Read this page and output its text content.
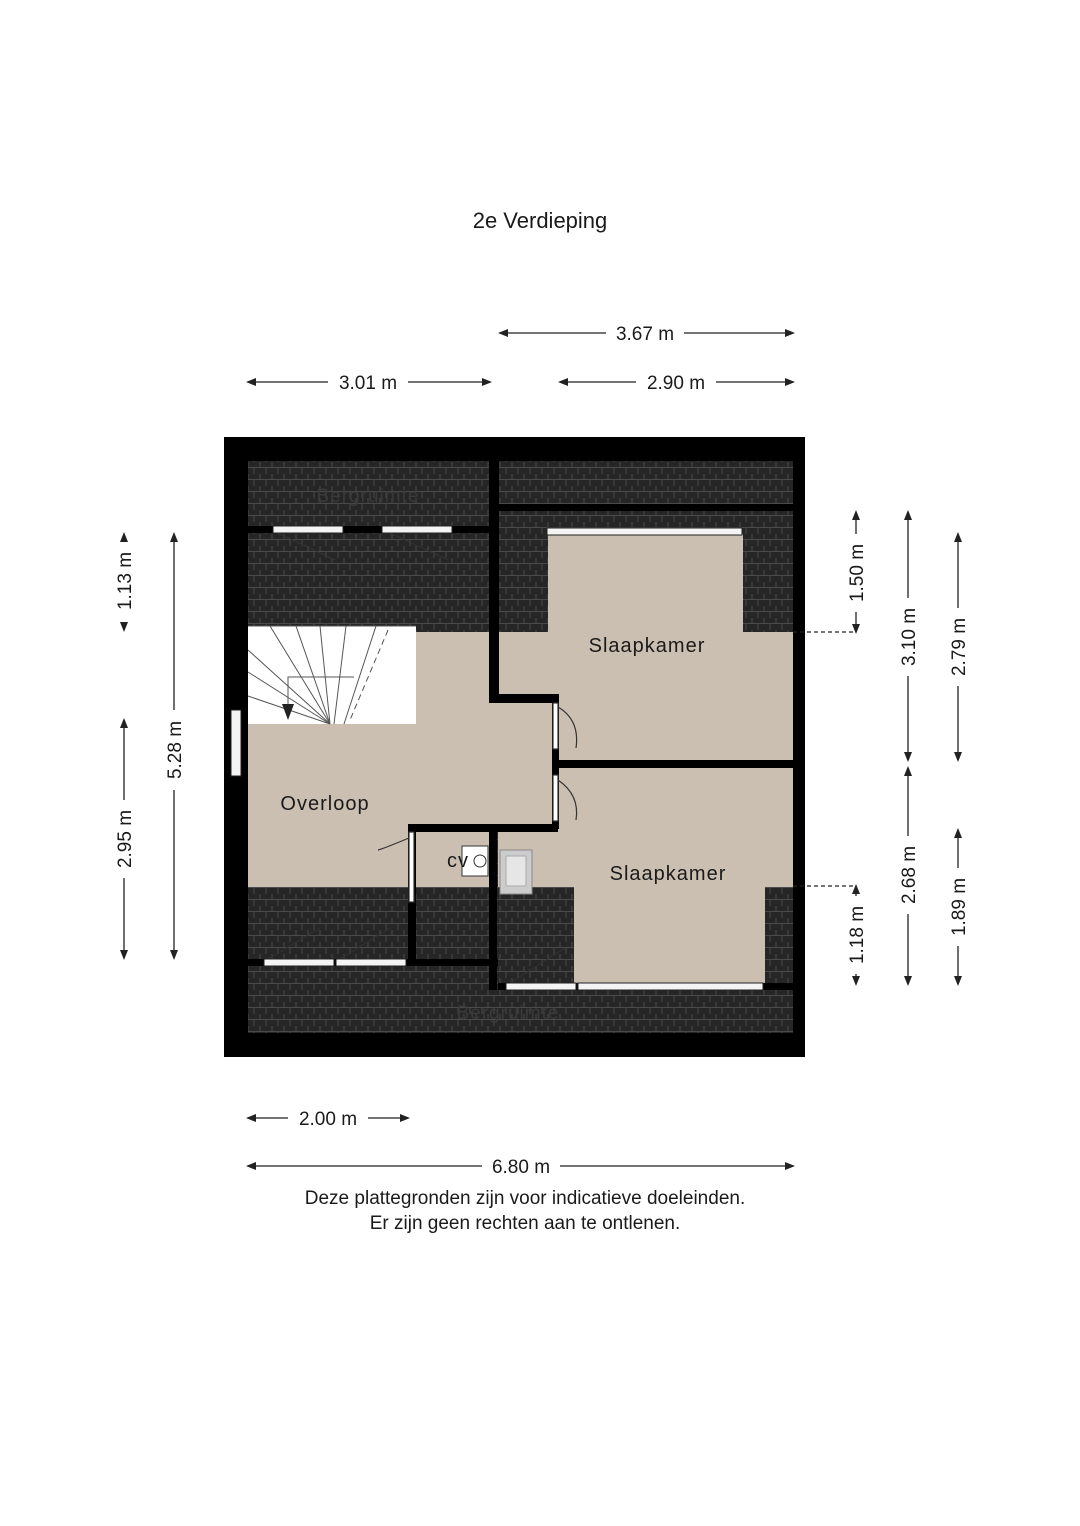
2e Verdieping
Bergruimte
Slaapkamer
Overloop
cv
Slaapkamer
Bergruimte
3.67 m
3.01 m	2.90 m
2.00 m
6.80 m
1.13 m
5.28 m
2.95 m
1.50 m
3.10 m 2.79 m
1.18 m
2.68 m
1.89 m
Deze plattegronden zijn voor indicatieve doeleinden.
Er zijn geen rechten aan te ontlenen.
